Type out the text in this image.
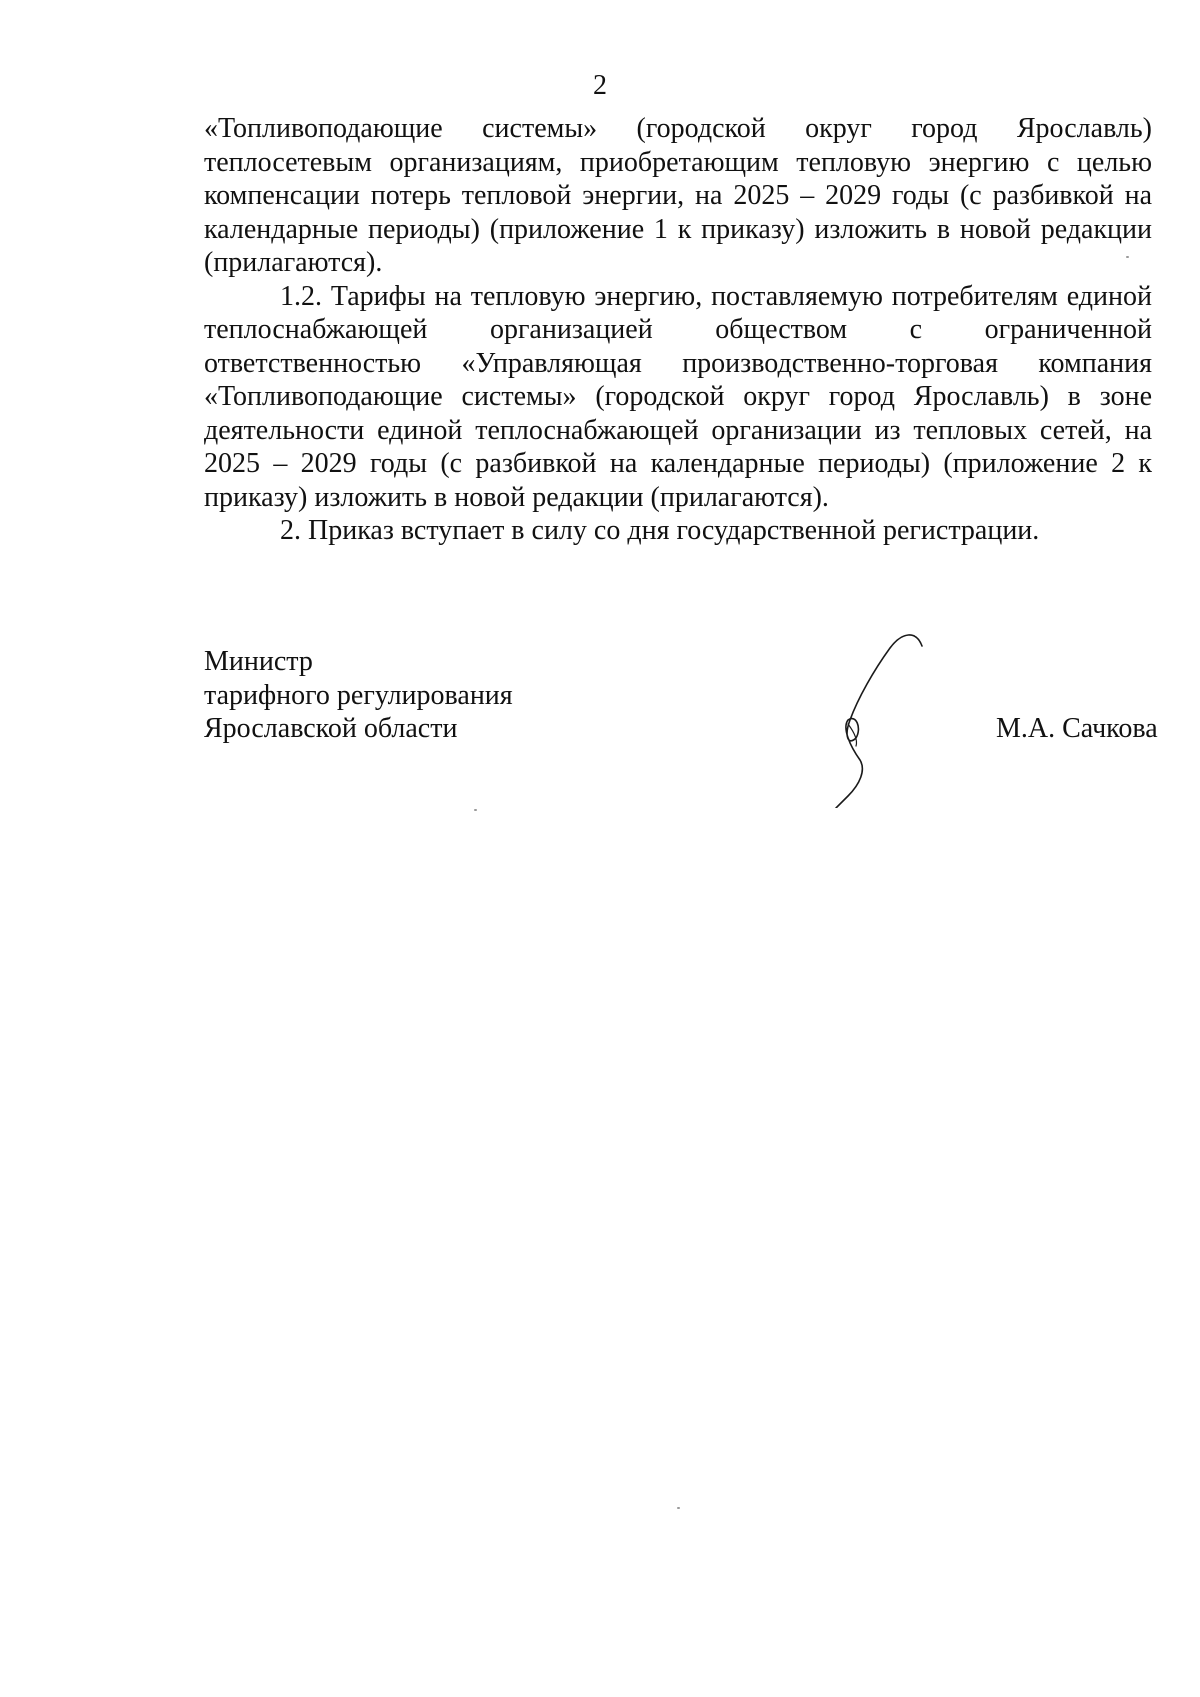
2

«Топливоподающие системы» (городской округ город Ярославль) теплосетевым организациям, приобретающим тепловую энергию с целью компенсации потерь тепловой энергии, на 2025 – 2029 годы (с разбивкой на календарные периоды) (приложение 1 к приказу) изложить в новой редакции (прилагаются).

1.2. Тарифы на тепловую энергию, поставляемую потребителям единой теплоснабжающей организацией обществом с ограниченной ответственностью «Управляющая производственно-торговая компания «Топливоподающие системы» (городской округ город Ярославль) в зоне деятельности единой теплоснабжающей организации из тепловых сетей, на 2025 – 2029 годы (с разбивкой на календарные периоды) (приложение 2 к приказу) изложить в новой редакции (прилагаются).

2. Приказ вступает в силу со дня государственной регистрации.

Министр
тарифного регулирования
Ярославской области	М.А. Сачкова
